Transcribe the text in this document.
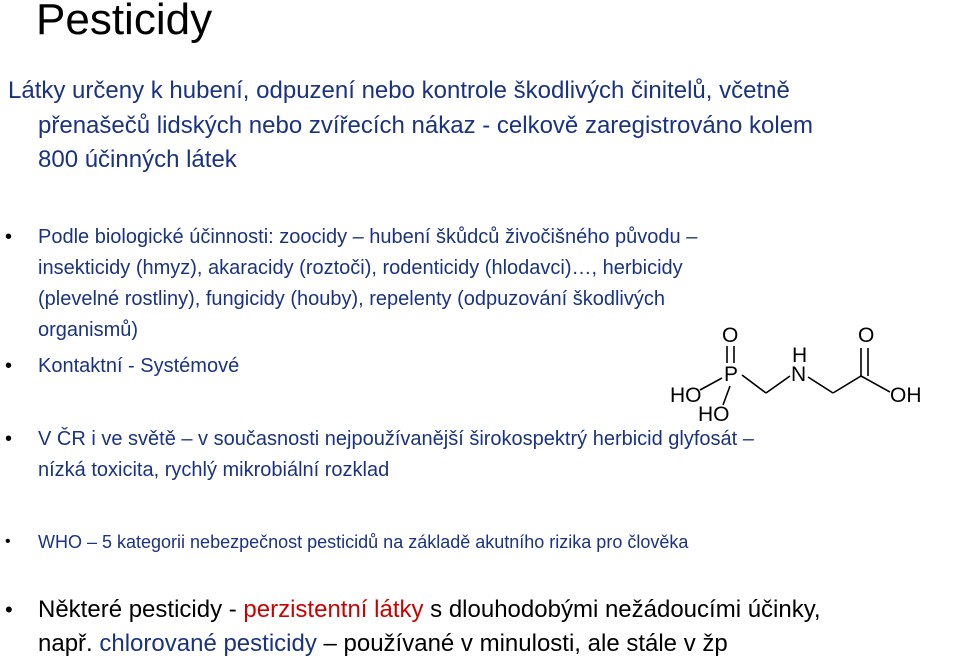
Pesticidy
Látky určeny k hubení, odpuzení nebo kontrole škodlivých činitelů, včetně
přenašečů lidských nebo zvířecích nákaz - celkově zaregistrováno kolem
800 účinných látek
• Podle biologické účinnosti: zoocidy – hubení škůdců živočišného původu –
insekticidy (hmyz), akaracidy (roztoči), rodenticidy (hlodavci)…, herbicidy
(plevelné rostliny), fungicidy (houby), repelenty (odpuzování škodlivých
organismů)
• Kontaktní - Systémové
O	O
H
P	N
HO	OH
HO
• V ČR i ve světě – v současnosti nejpoužívanější širokospektrý herbicid glyfosát –
nízká toxicita, rychlý mikrobiální rozklad
• WHO – 5 kategorii nebezpečnost pesticidů na základě akutního rizika pro člověka
• Některé pesticidy - perzistentní látky s dlouhodobými nežádoucími účinky,
např. chlorované pesticidy – používané v minulosti, ale stále v žp
